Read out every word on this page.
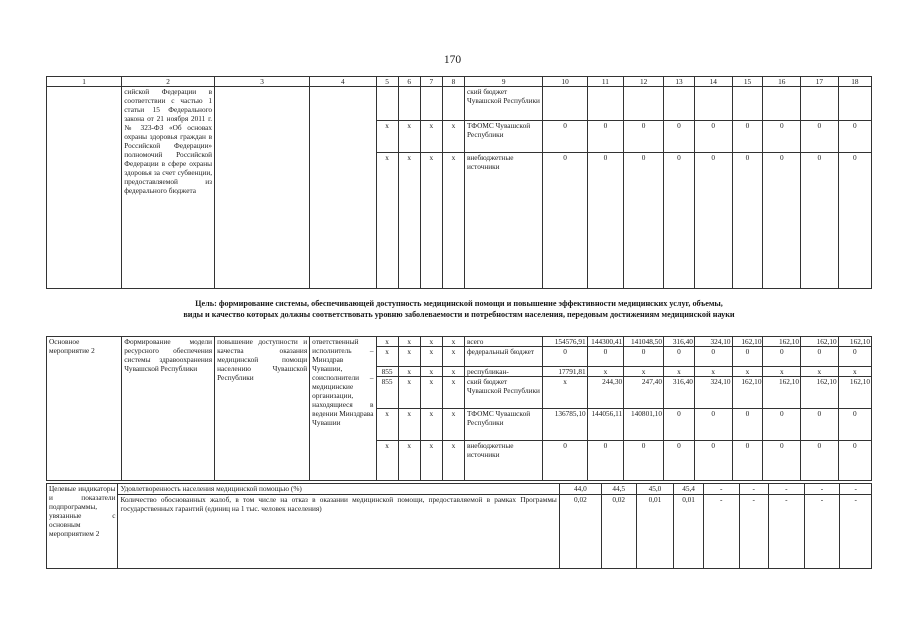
170
1	2	3	4	5	6	7	8	9	10	11	12	13	14	15	16	17	18
	сийской Федерации в соответствии с частью 1 статьи 15 Федерального закона от 21 ноября 2011 г. № 323-ФЗ «Об основах охраны здоровья граждан в Российской Федерации» полномочий Российской Федерации в сфере охраны здоровья за счет субвенции, предоставляемой из федерального бюджета							ский бюджет Чувашской Республики									
				x	x	x	x	ТФОМС Чувашской Республики	0	0	0	0	0	0	0	0	0
				x	x	x	x	внебюджетные источники	0	0	0	0	0	0	0	0	0
Цель: формирование системы, обеспечивающей доступность медицинской помощи и повышение эффективности медицинских услуг, объемы,
виды и качество которых должны соответствовать уровню заболеваемости и потребностям населения, передовым достижениям медицинской науки
Основное мероприятие 2	Формирование модели ресурсного обеспечения системы здравоохранения Чувашской Республики	повышение доступности и качества оказания медицинской помощи населению Чувашской Республики	ответственный исполнитель – Минздрав Чувашии, соисполнители – медицинские организации, находящиеся в ведении Минздрава Чувашии	x	x	x	x	всего	154576,91	144300,41	141048,50	316,40	324,10	162,10	162,10	162,10	162,10
				x	x	x	x	федеральный бюджет	0	0	0	0	0	0	0	0	0
				855	x	x	x	республикан-	17791,81	x	x	x	x	x	x	x	x
				855	x	x	x	ский бюджет Чувашской Республики	x	244,30	247,40	316,40	324,10	162,10	162,10	162,10	162,10
				x	x	x	x	ТФОМС Чувашской Республики	136785,10	144056,11	140801,10	0	0	0	0	0	0
				x	x	x	x	внебюджетные источники	0	0	0	0	0	0	0	0	0
Целевые индикаторы и показатели подпрограммы, увязанные с основным мероприятием 2	Удовлетворенность населения медицинской помощью (%)	44,0	44,5	45,0	45,4	-	-	-	-	-
	Количество обоснованных жалоб, в том числе на отказ в оказании медицинской помощи, предоставляемой в рамках Программы государственных гарантий (единиц на 1 тыс. человек населения)	0,02	0,02	0,01	0,01	-	-	-	-	-
